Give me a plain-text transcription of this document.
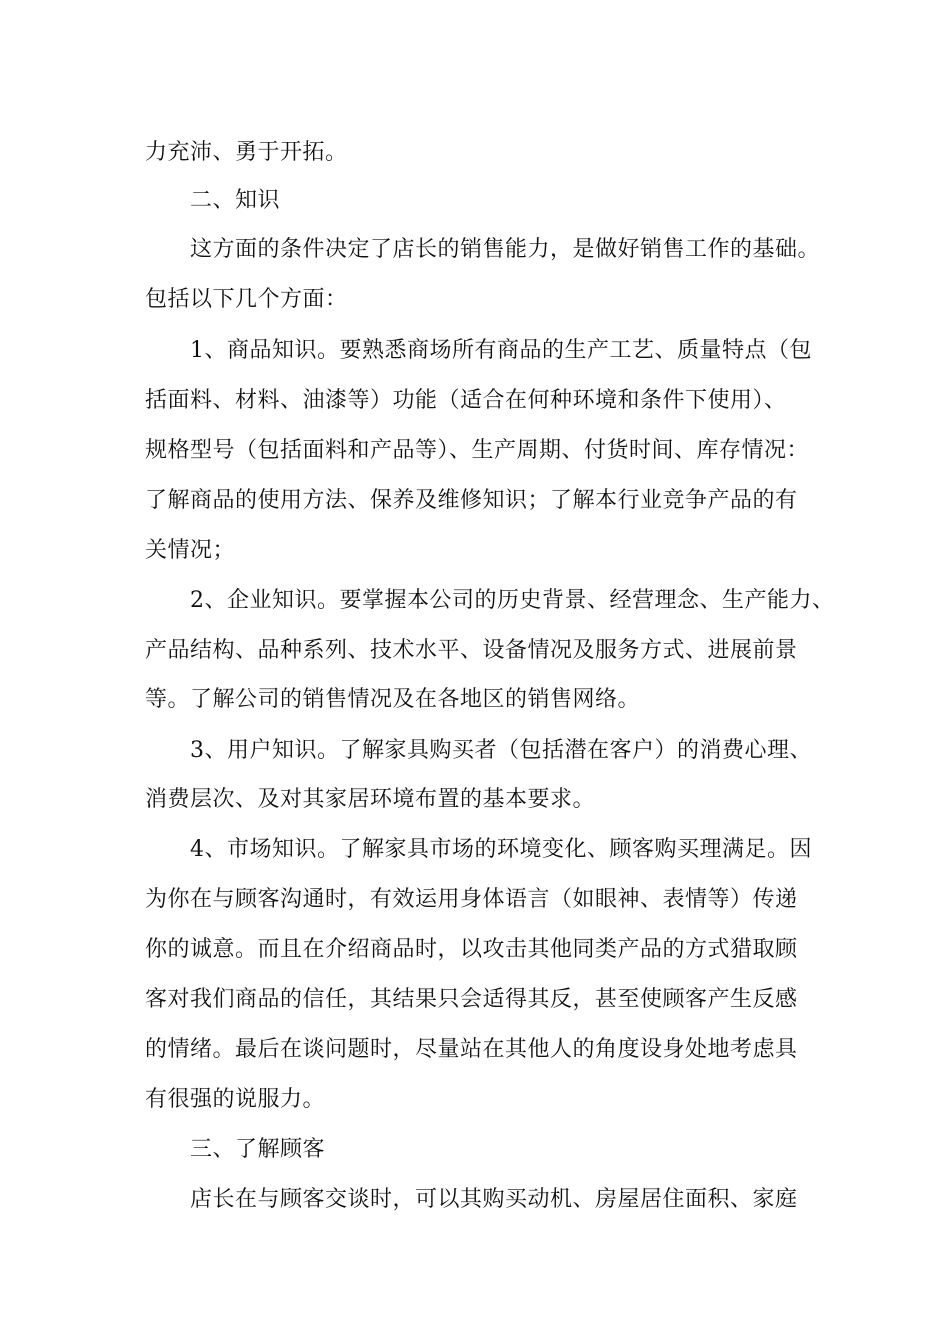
力充沛、勇于开拓。
二、知识
这方面的条件决定了店长的销售能力，是做好销售工作的基础。
包括以下几个方面：
1、商品知识。要熟悉商场所有商品的生产工艺、质量特点（包
括面料、材料、油漆等）功能（适合在何种环境和条件下使用）、
规格型号（包括面料和产品等）、生产周期、付货时间、库存情况：
了解商品的使用方法、保养及维修知识；了解本行业竞争产品的有
关情况；
2、企业知识。要掌握本公司的历史背景、经营理念、生产能力、
产品结构、品种系列、技术水平、设备情况及服务方式、进展前景
等。了解公司的销售情况及在各地区的销售网络。
3、用户知识。了解家具购买者（包括潜在客户）的消费心理、
消费层次、及对其家居环境布置的基本要求。
4、市场知识。了解家具市场的环境变化、顾客购买理满足。因
为你在与顾客沟通时，有效运用身体语言（如眼神、表情等）传递
你的诚意。而且在介绍商品时，以攻击其他同类产品的方式猎取顾
客对我们商品的信任，其结果只会适得其反，甚至使顾客产生反感
的情绪。最后在谈问题时，尽量站在其他人的角度设身处地考虑具
有很强的说服力。
三、了解顾客
店长在与顾客交谈时，可以其购买动机、房屋居住面积、家庭
